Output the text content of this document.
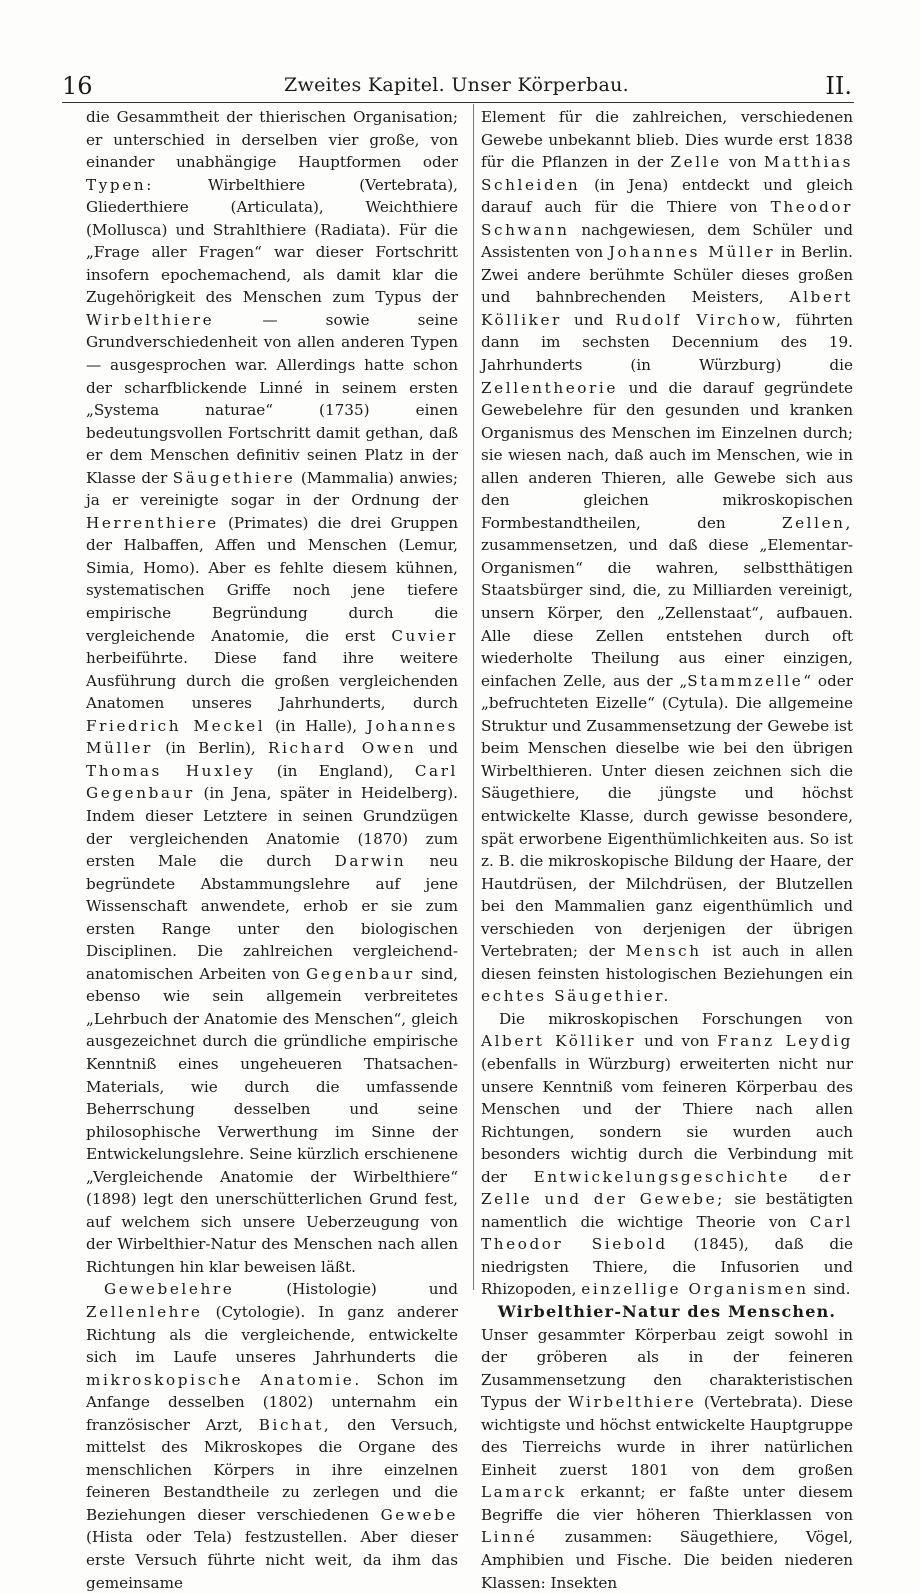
16	Zweites Kapitel. Unser Körperbau.	II.

die Gesammtheit der thierischen Organisation; er unterschied in derselben vier große, von einander unabhängige Hauptformen oder Typen: Wirbelthiere (Vertebrata), Gliederthiere (Articulata), Weichthiere (Mollusca) und Strahlthiere (Radiata). Für die „Frage aller Fragen“ war dieser Fortschritt insofern epochemachend, als damit klar die Zugehörigkeit des Menschen zum Typus der Wirbelthiere — sowie seine Grundverschiedenheit von allen anderen Typen — ausgesprochen war. Allerdings hatte schon der scharfblickende Linné in seinem ersten „Systema naturae“ (1735) einen bedeutungsvollen Fortschritt damit gethan, daß er dem Menschen definitiv seinen Platz in der Klasse der Säugethiere (Mammalia) anwies; ja er vereinigte sogar in der Ordnung der Herrenthiere (Primates) die drei Gruppen der Halbaffen, Affen und Menschen (Lemur, Simia, Homo). Aber es fehlte diesem kühnen, systematischen Griffe noch jene tiefere empirische Begründung durch die vergleichende Anatomie, die erst Cuvier herbeiführte. Diese fand ihre weitere Ausführung durch die großen vergleichenden Anatomen unseres Jahrhunderts, durch Friedrich Meckel (in Halle), Johannes Müller (in Berlin), Richard Owen und Thomas Huxley (in England), Carl Gegenbaur (in Jena, später in Heidelberg). Indem dieser Letztere in seinen Grundzügen der vergleichenden Anatomie (1870) zum ersten Male die durch Darwin neu begründete Abstammungslehre auf jene Wissenschaft anwendete, erhob er sie zum ersten Range unter den biologischen Disciplinen. Die zahlreichen vergleichend-anatomischen Arbeiten von Gegenbaur sind, ebenso wie sein allgemein verbreitetes „Lehrbuch der Anatomie des Menschen“, gleich ausgezeichnet durch die gründliche empirische Kenntniß eines ungeheueren Thatsachen-Materials, wie durch die umfassende Beherrschung desselben und seine philosophische Verwerthung im Sinne der Entwickelungslehre. Seine kürzlich erschienene „Vergleichende Anatomie der Wirbelthiere“ (1898) legt den unerschütterlichen Grund fest, auf welchem sich unsere Ueberzeugung von der Wirbelthier-Natur des Menschen nach allen Richtungen hin klar beweisen läßt.

Gewebelehre (Histologie) und Zellenlehre (Cytologie). In ganz anderer Richtung als die vergleichende, entwickelte sich im Laufe unseres Jahrhunderts die mikroskopische Anatomie. Schon im Anfange desselben (1802) unternahm ein französischer Arzt, Bichat, den Versuch, mittelst des Mikroskopes die Organe des menschlichen Körpers in ihre einzelnen feineren Bestandtheile zu zerlegen und die Beziehungen dieser verschiedenen Gewebe (Hista oder Tela) festzustellen. Aber dieser erste Versuch führte nicht weit, da ihm das gemeinsame

Element für die zahlreichen, verschiedenen Gewebe unbekannt blieb. Dies wurde erst 1838 für die Pflanzen in der Zelle von Matthias Schleiden (in Jena) entdeckt und gleich darauf auch für die Thiere von Theodor Schwann nachgewiesen, dem Schüler und Assistenten von Johannes Müller in Berlin. Zwei andere berühmte Schüler dieses großen und bahnbrechenden Meisters, Albert Kölliker und Rudolf Virchow, führten dann im sechsten Decennium des 19. Jahrhunderts (in Würzburg) die Zellentheorie und die darauf gegründete Gewebelehre für den gesunden und kranken Organismus des Menschen im Einzelnen durch; sie wiesen nach, daß auch im Menschen, wie in allen anderen Thieren, alle Gewebe sich aus den gleichen mikroskopischen Formbestandtheilen, den Zellen, zusammensetzen, und daß diese „Elementar-Organismen“ die wahren, selbstthätigen Staatsbürger sind, die, zu Milliarden vereinigt, unsern Körper, den „Zellenstaat“, aufbauen. Alle diese Zellen entstehen durch oft wiederholte Theilung aus einer einzigen, einfachen Zelle, aus der „Stammzelle“ oder „befruchteten Eizelle“ (Cytula). Die allgemeine Struktur und Zusammensetzung der Gewebe ist beim Menschen dieselbe wie bei den übrigen Wirbelthieren. Unter diesen zeichnen sich die Säugethiere, die jüngste und höchst entwickelte Klasse, durch gewisse besondere, spät erworbene Eigenthümlichkeiten aus. So ist z. B. die mikroskopische Bildung der Haare, der Hautdrüsen, der Milchdrüsen, der Blutzellen bei den Mammalien ganz eigenthümlich und verschieden von derjenigen der übrigen Vertebraten; der Mensch ist auch in allen diesen feinsten histologischen Beziehungen ein echtes Säugethier.

Die mikroskopischen Forschungen von Albert Kölliker und von Franz Leydig (ebenfalls in Würzburg) erweiterten nicht nur unsere Kenntniß vom feineren Körperbau des Menschen und der Thiere nach allen Richtungen, sondern sie wurden auch besonders wichtig durch die Verbindung mit der Entwickelungsgeschichte der Zelle und der Gewebe; sie bestätigten namentlich die wichtige Theorie von Carl Theodor Siebold (1845), daß die niedrigsten Thiere, die Infusorien und Rhizopoden, einzellige Organismen sind.

Wirbelthier-Natur des Menschen.

Unser gesammter Körperbau zeigt sowohl in der gröberen als in der feineren Zusammensetzung den charakteristischen Typus der Wirbelthiere (Vertebrata). Diese wichtigste und höchst entwickelte Hauptgruppe des Tierreichs wurde in ihrer natürlichen Einheit zuerst 1801 von dem großen Lamarck erkannt; er faßte unter diesem Begriffe die vier höheren Thierklassen von Linné zusammen: Säugethiere, Vögel, Amphibien und Fische. Die beiden niederen Klassen: Insekten
